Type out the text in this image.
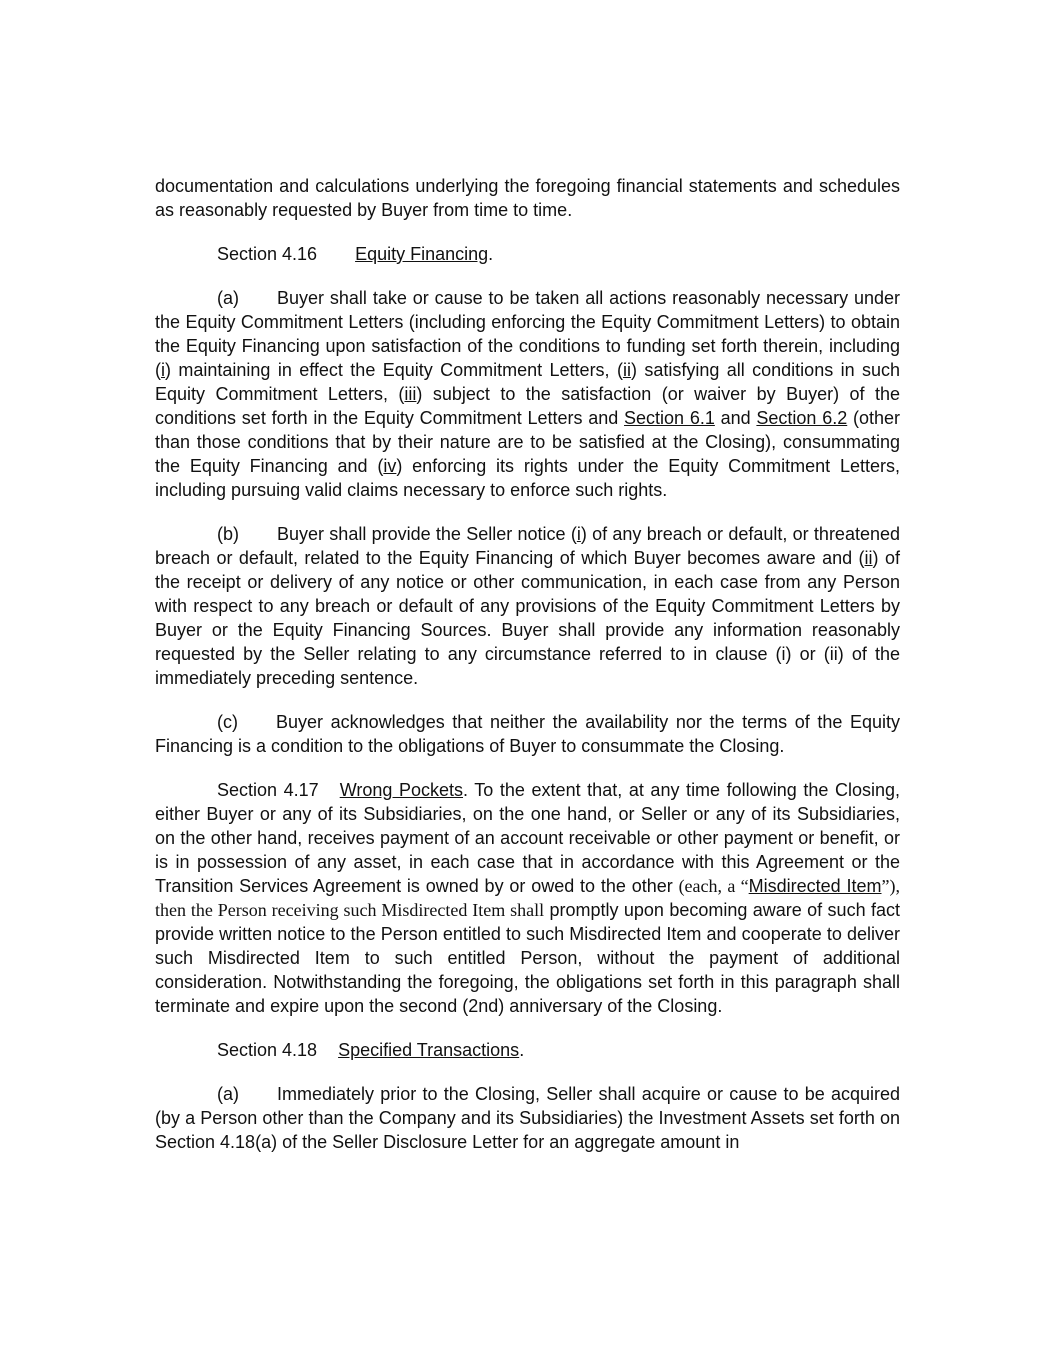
documentation and calculations underlying the foregoing financial statements and schedules as reasonably requested by Buyer from time to time.

Section 4.16 Equity Financing.

(a) Buyer shall take or cause to be taken all actions reasonably necessary under the Equity Commitment Letters (including enforcing the Equity Commitment Letters) to obtain the Equity Financing upon satisfaction of the conditions to funding set forth therein, including (i) maintaining in effect the Equity Commitment Letters, (ii) satisfying all conditions in such Equity Commitment Letters, (iii) subject to the satisfaction (or waiver by Buyer) of the conditions set forth in the Equity Commitment Letters and Section 6.1 and Section 6.2 (other than those conditions that by their nature are to be satisfied at the Closing), consummating the Equity Financing and (iv) enforcing its rights under the Equity Commitment Letters, including pursuing valid claims necessary to enforce such rights.

(b) Buyer shall provide the Seller notice (i) of any breach or default, or threatened breach or default, related to the Equity Financing of which Buyer becomes aware and (ii) of the receipt or delivery of any notice or other communication, in each case from any Person with respect to any breach or default of any provisions of the Equity Commitment Letters by Buyer or the Equity Financing Sources. Buyer shall provide any information reasonably requested by the Seller relating to any circumstance referred to in clause (i) or (ii) of the immediately preceding sentence.

(c) Buyer acknowledges that neither the availability nor the terms of the Equity Financing is a condition to the obligations of Buyer to consummate the Closing.

Section 4.17 Wrong Pockets. To the extent that, at any time following the Closing, either Buyer or any of its Subsidiaries, on the one hand, or Seller or any of its Subsidiaries, on the other hand, receives payment of an account receivable or other payment or benefit, or is in possession of any asset, in each case that in accordance with this Agreement or the Transition Services Agreement is owned by or owed to the other (each, a “Misdirected Item”), then the Person receiving such Misdirected Item shall promptly upon becoming aware of such fact provide written notice to the Person entitled to such Misdirected Item and cooperate to deliver such Misdirected Item to such entitled Person, without the payment of additional consideration. Notwithstanding the foregoing, the obligations set forth in this paragraph shall terminate and expire upon the second (2nd) anniversary of the Closing.

Section 4.18 Specified Transactions.

(a) Immediately prior to the Closing, Seller shall acquire or cause to be acquired (by a Person other than the Company and its Subsidiaries) the Investment Assets set forth on Section 4.18(a) of the Seller Disclosure Letter for an aggregate amount in
